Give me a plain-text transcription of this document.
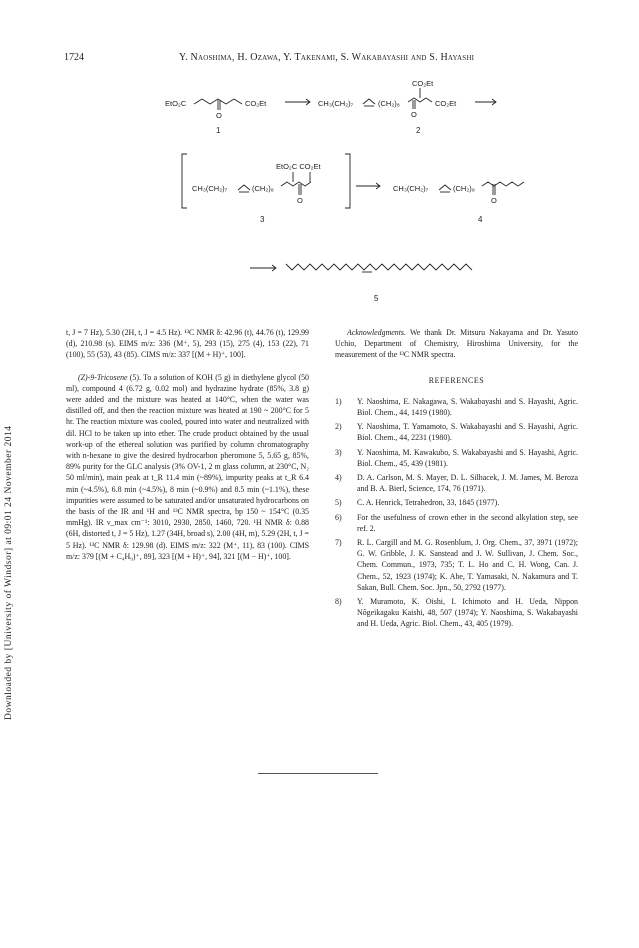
1724	Y. Naoshima, H. Ozawa, Y. Takenami, S. Wakabayashi and S. Hayashi
Downloaded by [University of Windsor] at 09:01 24 November 2014
EtO₂C	CO₂Et
O
1
CO₂Et
CH₃(CH₂)₇	(CH₂)₈	CO₂Et
O
2
EtO₂C CO₂Et
CH₃(CH₂)₇	(CH₂)₈
O
3
CH₃(CH₂)₇	(CH₂)₈
O
4
5

t, J = 7 Hz), 5.30 (2H, t, J = 4.5 Hz). ¹³C NMR δ: 42.96 (t), 44.76 (t), 129.99 (d), 210.98 (s). EIMS m/z: 336 (M⁺, 5), 293 (15), 275 (4), 153 (22), 71 (100), 55 (53), 43 (85). CIMS m/z: 337 [(M + H)⁺, 100].

(Z)-9-Tricosene (5). To a solution of KOH (5 g) in diethylene glycol (50 ml), compound 4 (6.72 g, 0.02 mol) and hydrazine hydrate (85%, 3.8 g) were added and the mixture was heated at 140°C, when the water was distilled off, and then the reaction mixture was heated at 190 ~ 200°C for 5 hr. The reaction mixture was cooled, poured into water and neutralized with dil. HCl to be taken up into ether. The crude product obtained by the usual work-up of the ethereal solution was purified by column chromatography with n-hexane to give the desired hydrocarbon pheromone 5, 5.65 g, 85%, 89% purity for the GLC analysis (3% OV-1, 2 m glass column, at 230°C, N₂ 50 ml/min), main peak at t_R 11.4 min (~89%), impurity peaks at t_R 6.4 min (~4.5%), 6.8 min (~4.5%), 8 min (~0.9%) and 8.5 min (~1.1%), these impurities were assumed to be saturated and/or unsaturated hydrocarbons on the basis of the IR and ¹H and ¹³C NMR spectra, bp 150 ~ 154°C (0.35 mmHg). IR ν_max cm⁻¹: 3010, 2930, 2850, 1460, 720. ¹H NMR δ: 0.88 (6H, distorted t, J = 5 Hz), 1.27 (34H, broad s), 2.00 (4H, m), 5.29 (2H, t, J = 5 Hz). ¹³C NMR δ: 129.98 (d). EIMS m/z: 322 (M⁺, 11), 83 (100). CIMS m/z: 379 [(M + C₄H₉)⁺, 89], 323 [(M + H)⁺, 94], 321 [(M − H)⁺, 100].

Acknowledgments. We thank Dr. Mitsuru Nakayama and Dr. Yasuto Uchio, Department of Chemistry, Hiroshima University, for the measurement of the ¹³C NMR spectra.

REFERENCES

1)	Y. Naoshima, E. Nakagawa, S. Wakabayashi and S. Hayashi, Agric. Biol. Chem., 44, 1419 (1980).

2)	Y. Naoshima, T. Yamamoto, S. Wakabayashi and S. Hayashi, Agric. Biol. Chem., 44, 2231 (1980).

3)	Y. Naoshima, M. Kawakubo, S. Wakabayashi and S. Hayashi, Agric. Biol. Chem., 45, 439 (1981).

4)	D. A. Carlson, M. S. Mayer, D. L. Silhacek, J. M. James, M. Beroza and B. A. Bierl, Science, 174, 76 (1971).

5)	C. A. Henrick, Tetrahedron, 33, 1845 (1977).

6)	For the usefulness of crown ether in the second alkylation step, see ref. 2.

7)	R. L. Cargill and M. G. Rosenblum, J. Org. Chem., 37, 3971 (1972); G. W. Gribble, J. K. Sanstead and J. W. Sullivan, J. Chem. Soc., Chem. Commun., 1973, 735; T. L. Ho and C. H. Wong, Can. J. Chem., 52, 1923 (1974); K. Abe, T. Yamasaki, N. Nakamura and T. Sakan, Bull. Chem. Soc. Jpn., 50, 2792 (1977).

8)	Y. Muramoto, K. Oishi, I. Ichimoto and H. Ueda, Nippon Nôgeikagaku Kaishi, 48, 507 (1974); Y. Naoshima, S. Wakabayashi and H. Ueda, Agric. Biol. Chem., 43, 405 (1979).
